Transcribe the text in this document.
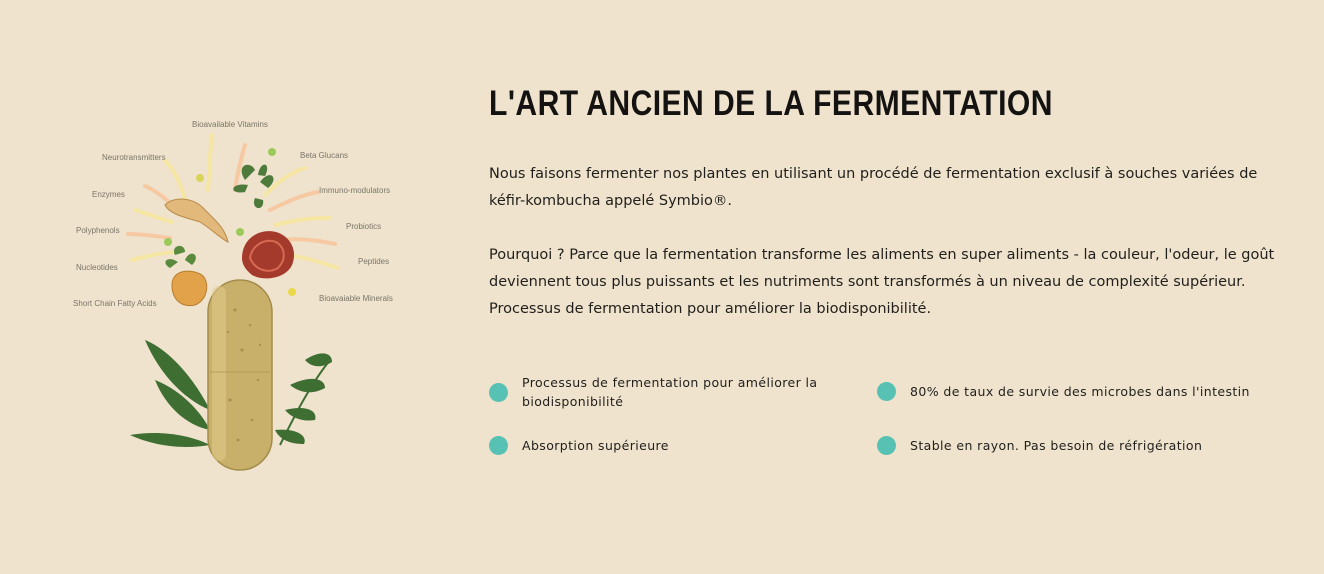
Bioavailable Vitamins
Neurotransmitters	Beta Glucans
Enzymes	Immuno-modulators
Polyphenols	Probiotics
Nucleotides
Peptides
Short Chain Fatty Acids
Bioavaiable Minerals
L'ART ANCIEN DE LA FERMENTATION

Nous faisons fermenter nos plantes en utilisant un procédé de fermentation exclusif à souches variées de kéfir-kombucha appelé Symbio®.

Pourquoi ? Parce que la fermentation transforme les aliments en super aliments - la couleur, l'odeur, le goût deviennent tous plus puissants et les nutriments sont transformés à un niveau de complexité supérieur. Processus de fermentation pour améliorer la biodisponibilité.

Processus de fermentation pour améliorer la biodisponibilité
80% de taux de survie des microbes dans l'intestin
Absorption supérieure	Stable en rayon. Pas besoin de réfrigération
